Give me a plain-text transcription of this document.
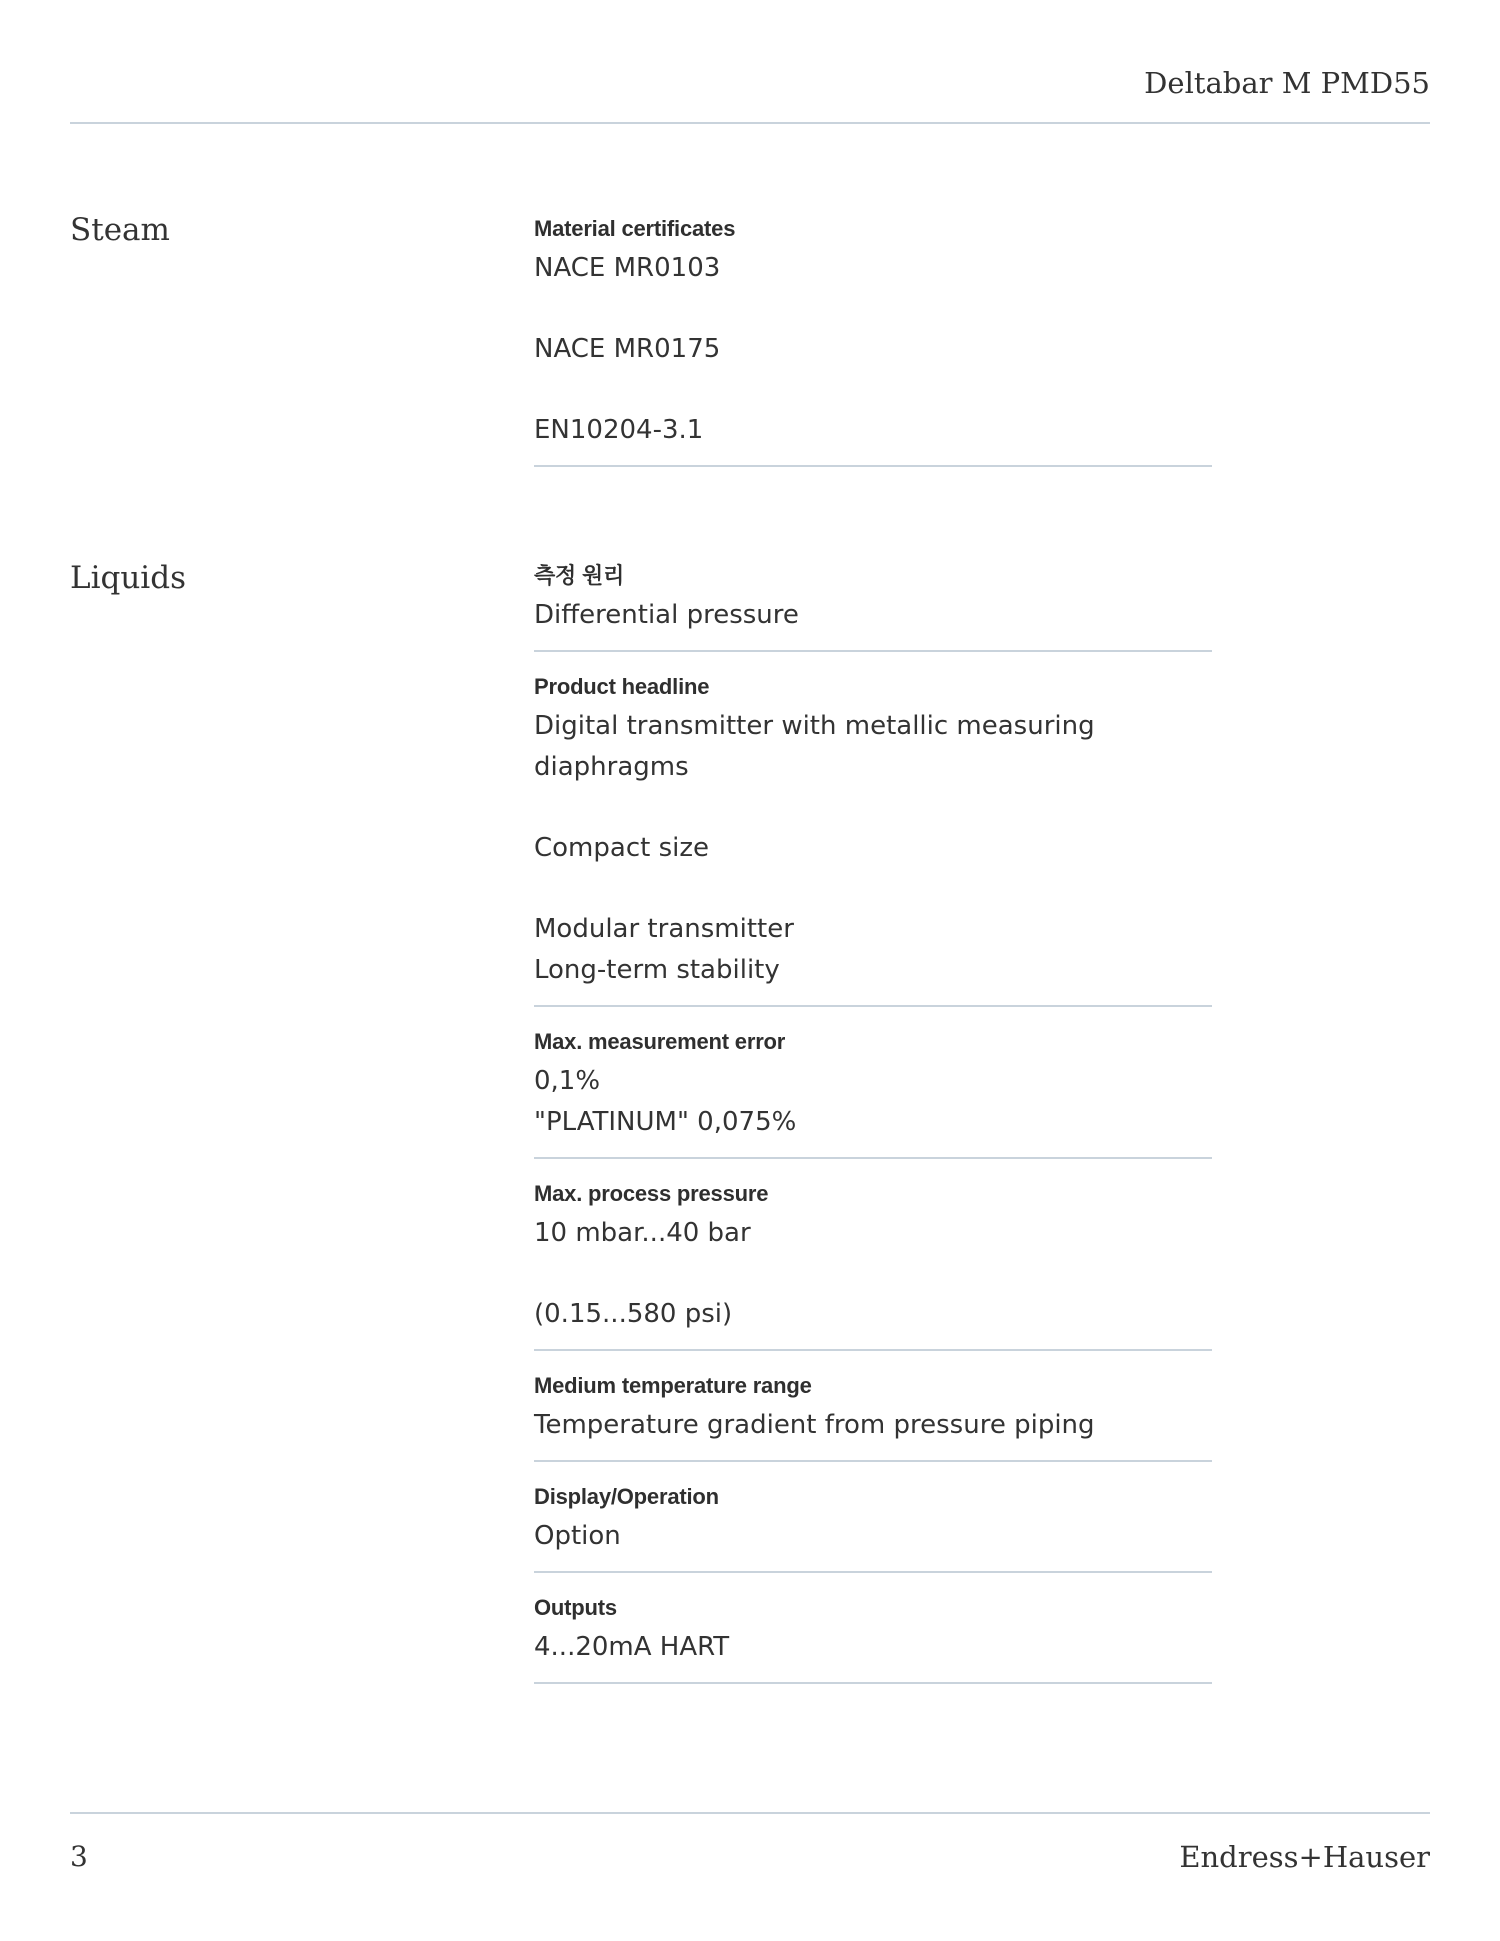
Deltabar M PMD55
Steam	Material certificates
NACE MR0103
NACE MR0175
EN10204-3.1
Liquids	측정 원리
Differential pressure
Product headline
Digital transmitter with metallic measuring
diaphragms
Compact size
Modular transmitter
Long-term stability
Max. measurement error
0,1%
"PLATINUM" 0,075%
Max. process pressure
10 mbar...40 bar
(0.15...580 psi)
Medium temperature range
Temperature gradient from pressure piping
Display/Operation
Option
Outputs
4...20mA HART
3	Endress+Hauser
